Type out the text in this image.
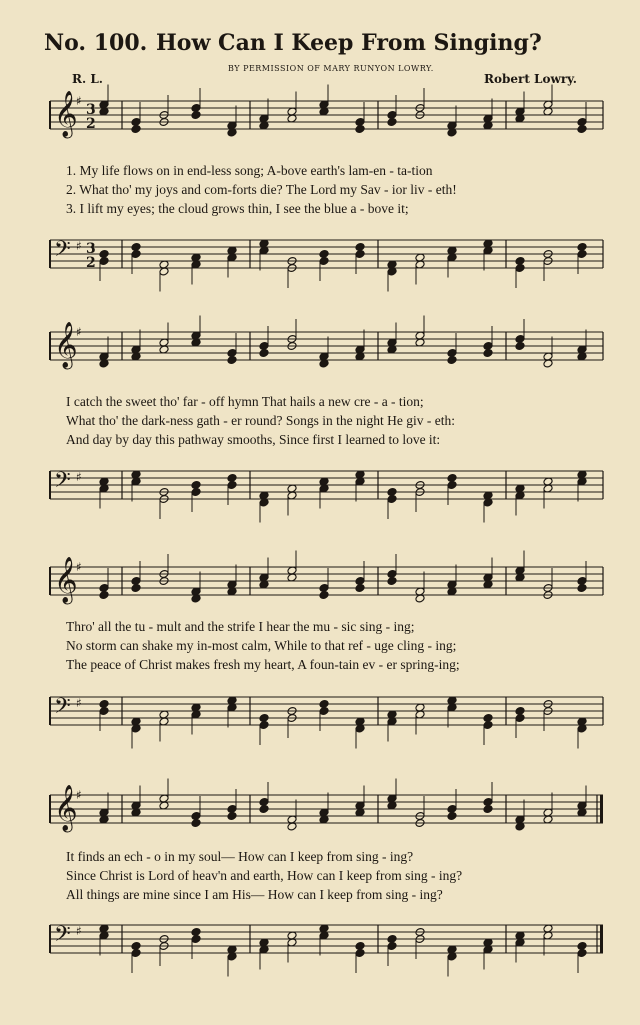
No. 100. How Can I Keep From Singing?
BY PERMISSION OF MARY RUNYON LOWRY.
R. L.	Robert Lowry.
𝄞
♯
3
2
1. My life flows on in end-less song; A-bove earth's lam-en - ta-tion
2. What tho' my joys and com-forts die? The Lord my Sav - ior liv - eth!
3. I lift my eyes; the cloud grows thin, I see the blue a - bove it;
𝄢 ♯ 3
2
𝄞
♯
I catch the sweet tho' far - off hymn That hails a new cre - a - tion;
What tho' the dark-ness gath - er round? Songs in the night He giv - eth:
And day by day this pathway smooths, Since first I learned to love it:
𝄢 ♯
𝄞
♯
Thro' all the tu - mult and the strife I hear the mu - sic sing - ing;
No storm can shake my in-most calm, While to that ref - uge cling - ing;
The peace of Christ makes fresh my heart, A foun-tain ev - er spring-ing;
𝄢 ♯
𝄞
♯
It finds an ech - o in my soul— How can I keep from sing - ing?
Since Christ is Lord of heav'n and earth, How can I keep from sing - ing?
All things are mine since I am His— How can I keep from sing - ing?
𝄢 ♯
